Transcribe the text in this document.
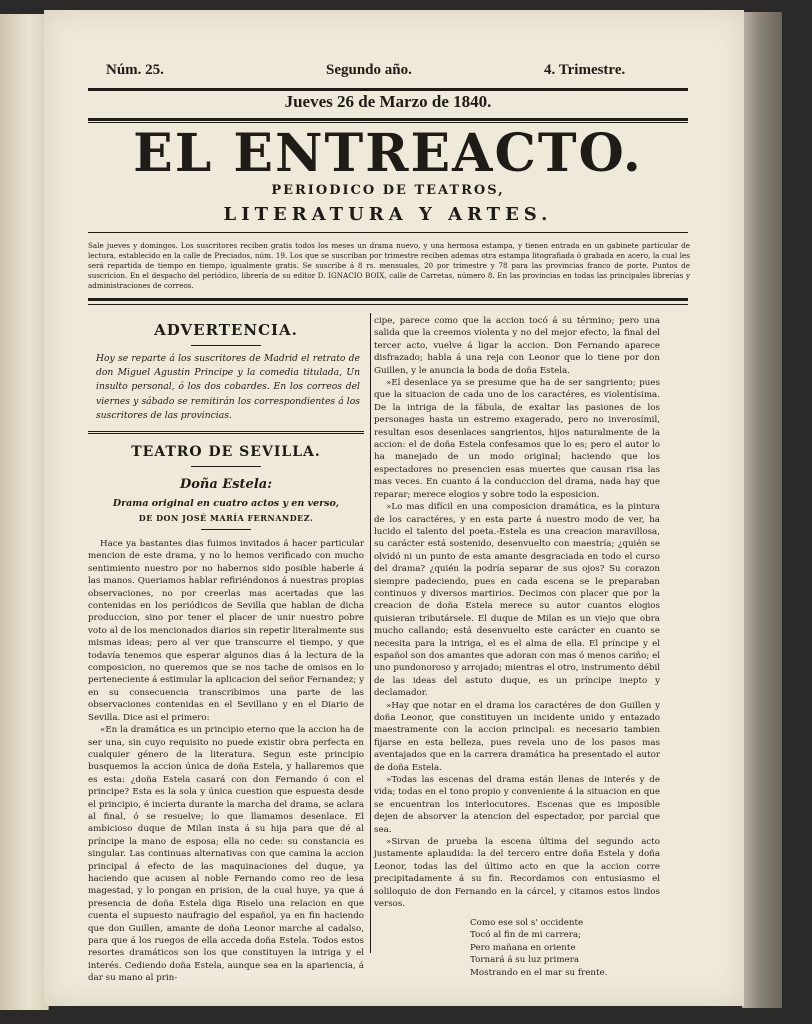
Núm. 25.	Segundo año.	4. Trimestre.
Jueves 26 de Marzo de 1840.
EL ENTREACTO.
PERIODICO DE TEATROS,
LITERATURA Y ARTES.
Sale jueves y domingos. Los suscritores reciben gratis todos los meses un drama nuevo, y una hermosa estampa, y tienen entrada en un gabinete particular de lectura, establecido en la calle de Preciados, núm. 19. Los que se suscriban por trimestre reciben ademas otra estampa litografiada ó grabada en acero, la cual les será repartida de tiempo en tiempo, igualmente gratis. Se suscribe á 8 rs. mensuales, 20 por trimestre y 78 para las provincias franco de porte. Puntos de suscricion. En el despacho del periódico, librería de su editor D. IGNACIO BOIX, calle de Carretas, número 8. En las provincias en todas las principales librerías y administraciones de correos.
ADVERTENCIA.

Hoy se reparte á los suscritores de Madrid el retrato de don Miguel Agustin Principe y la comedia titulada, Un insulto personal, ó los dos cobardes. En los correos del viernes y sábado se remitirán los correspondientes á los suscritores de las provincias.

TEATRO DE SEVILLA.
Doña Estela:
Drama original en cuatro actos y en verso,
DE DON JOSÉ MARÍA FERNANDEZ.

Hace ya bastantes dias fuimos invitados á hacer particular mencion de este drama, y no lo hemos verificado con mucho sentimiento nuestro por no habernos sido posible haberle á las manos. Queriamos hablar refiriéndonos á nuestras propias observaciones, no por creerlas mas acertadas que las contenidas en los periódicos de Sevilla que hablan de dicha produccion, sino por tener el placer de unir nuestro pobre voto al de los mencionados diarios sin repetir literalmente sus mismas ideas; pero al ver que transcurre el tiempo, y que todavía tenemos que esperar algunos dias á la lectura de la composicion, no queremos que se nos tache de omisos en lo perteneciente á estimular la aplicacion del señor Fernandez; y en su consecuencia transcribimos una parte de las observaciones contenidas en el Sevillano y en el Diario de Sevilla. Dice asi el primero:

«En la dramática es un principio eterno que la accion ha de ser una, sin cuyo requisito no puede existir obra perfecta en cualquier género de la literatura. Segun este principio busquemos la accion única de doña Estela, y hallaremos que es esta: ¿doña Estela casará con don Fernando ó con el principe? Esta es la sola y única cuestion que espuesta desde el principio, é incierta durante la marcha del drama, se aclara al final, ó se resuelve; lo que llamamos desenlace. El ambicioso duque de Milan insta á su hija para que dé al príncipe la mano de esposa; ella no cede: su constancia es singular. Las continuas alternativas con que camina la accion principal á efecto de las maquinaciones del duque, ya haciendo que acusen al noble Fernando como reo de lesa magestad, y lo pongan en prision, de la cual huye, ya que á presencia de doña Estela diga Riselo una relacion en que cuenta el supuesto naufragio del español, ya en fin haciendo que don Guillen, amante de doña Leonor marche al cadalso, para que á los ruegos de ella acceda doña Estela. Todos estos resortes dramáticos son los que constituyen la intriga y el interés. Cediendo doña Estela, aunque sea en la apariencia, á dar su mano al prin-

cipe, parece como que la accion tocó á su término; pero una salida que la creemos violenta y no del mejor efecto, la final del tercer acto, vuelve á ligar la accion. Don Fernando aparece disfrazado; habla á una reja con Leonor que lo tiene por don Guillen, y le anuncia la boda de doña Estela.

»El desenlace ya se presume que ha de ser sangriento; pues que la situacion de cada uno de los caractéres, es violentísima. De la intriga de la fábula, de exaltar las pasiones de los personages hasta un estremo exagerado, pero no inverosímil, resultan esos desenlaces sangrientos, hijos naturalmente de la accion: el de doña Estela confesamos que lo es; pero el autor lo ha manejado de un modo original; haciendo que los espectadores no presencien esas muertes que causan risa las mas veces. En cuanto á la conduccion del drama, nada hay que reparar; merece elogios y sobre todo la esposicion.

»Lo mas difícil en una composicion dramática, es la pintura de los caractéres, y en esta parte á nuestro modo de ver, ha lucido el talento del poeta.-Estela es una creacion maravillosa, su carácter está sostenido, desenvuelto con maestría; ¿quién se olvidó ni un punto de esta amante desgraciada en todo el curso del drama? ¿quién la podría separar de sus ojos? Su corazon siempre padeciendo, pues en cada escena se le preparaban continuos y diversos martirios. Decimos con placer que por la creacion de doña Estela merece su autor cuantos elogios quisieran tributársele. El duque de Milan es un viejo que obra mucho callando; está desenvuelto este carácter en cuanto se necesita para la intriga, el es el alma de ella. El príncipe y el español son dos amantes que adoran con mas ó menos cariño; el uno pundonoroso y arrojado; mientras el otro, instrumento débil de las ideas del astuto duque, es un príncipe inepto y declamador.

»Hay que notar en el drama los caractéres de don Guillen y doña Leonor, que constituyen un incidente unido y entazado maestramente con la accion principal: es necesario tambien fijarse en esta belleza, pues revela uno de los pasos mas aventajados que en la carrera dramática ha presentado el autor de doña Estela.

»Todas las escenas del drama están llenas de interés y de vida; todas en el tono propio y conveniente á la situacion en que se encuentran los interlocutores. Escenas que es imposible dejen de absorver la atencion del espectador, por parcial que sea.

»Sirvan de prueba la escena última del segundo acto justamente aplaudida: la del tercero entre doña Estela y doña Leonor, todas las del último acto en que la accion corre precipitadamente á su fin. Recordamos con entusiasmo el soliloquio de don Fernando en la cárcel, y citamos estos lindos versos.

Como ese sol s' occidente
Tocó al fin de mi carrera;
Pero mañana en oriente
Tornará á su luz primera
Mostrando en el mar su frente.
